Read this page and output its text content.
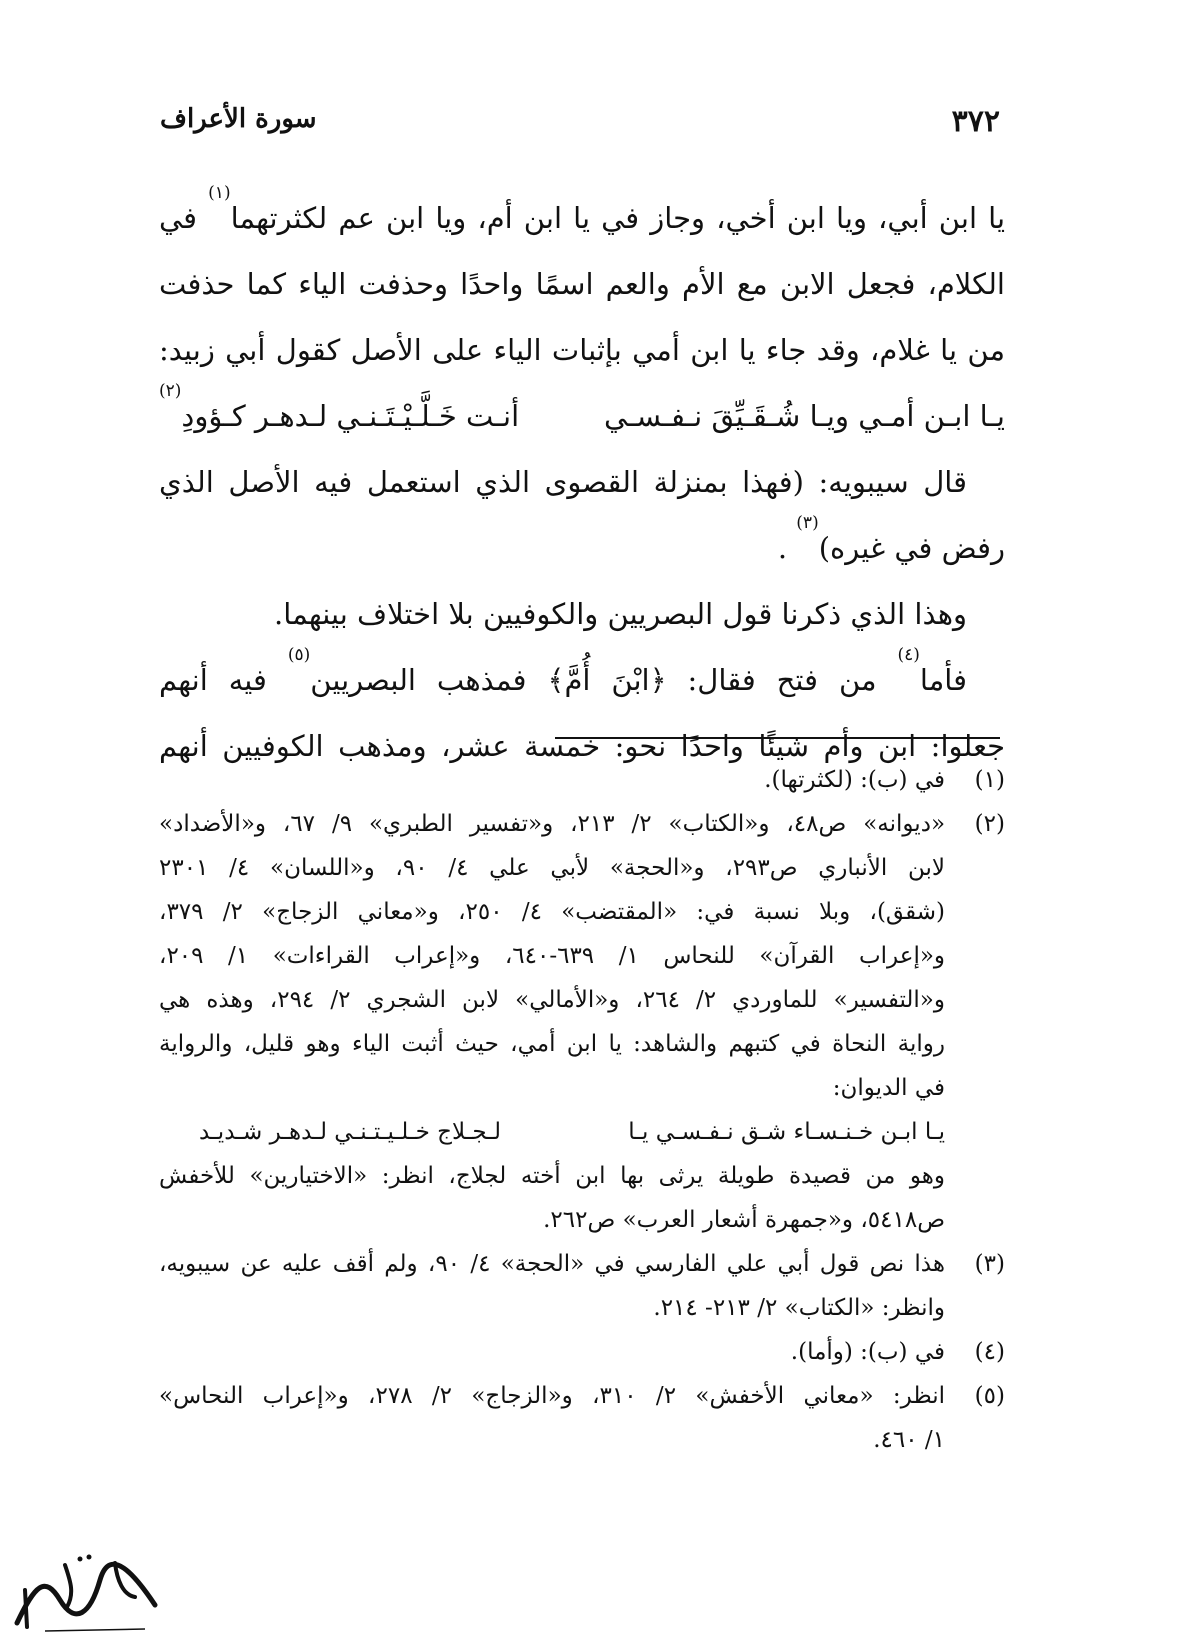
٣٧٢
سورة الأعراف
يا ابن أبي، ويا ابن أخي، وجاز في يا ابن أم، ويا ابن عم لكثرتهما$^{(١)}$ في
الكلام، فجعل الابن مع الأم والعم اسمًا واحدًا وحذفت الياء كما حذفت
من يا غلام، وقد جاء يا ابن أمي بإثبات الياء على الأصل كقول أبي زبيد:
يـا ابـن أمـي ويـا شُـقَـيِّقَ نـفـسـي
أنـت خَـلَّـيْـتَـنـي لـدهـر كـؤودِ$^{(٢)}$
قال سيبويه: (فهذا بمنزلة القصوى الذي استعمل فيه الأصل الذي
رفض في غيره)$^{(٣)}$ .
وهذا الذي ذكرنا قول البصريين والكوفيين بلا اختلاف بينهما.
فأما$^{(٤)}$ من فتح فقال: ﴿ابْنَ أُمَّ﴾ فمذهب البصريين$^{(٥)}$ فيه أنهم
جعلوا: ابن وأم شيئًا واحدًا نحو: خمسة عشر، ومذهب الكوفيين أنهم
(١)
في (ب): (لكثرتها).
(٢)
«ديوانه» ص٤٨، و«الكتاب» ٢/ ٢١٣، و«تفسير الطبري» ٩/ ٦٧، و«الأضداد»
لابن الأنباري ص٢٩٣، و«الحجة» لأبي علي ٤/ ٩٠، و«اللسان» ٤/ ٢٣٠١
(شقق)، وبلا نسبة في: «المقتضب» ٤/ ٢٥٠، و«معاني الزجاج» ٢/ ٣٧٩،
و«إعراب القرآن» للنحاس ١/ ٦٣٩-٦٤٠، و«إعراب القراءات» ١/ ٢٠٩،
و«التفسير» للماوردي ٢/ ٢٦٤، و«الأمالي» لابن الشجري ٢/ ٢٩٤، وهذه هي
رواية النحاة في كتبهم والشاهد: يا ابن أمي، حيث أثبت الياء وهو قليل، والرواية
في الديوان:
يـا ابـن خـنـسـاء شـق نـفـسـي يـا
لـجـلاج خـلـيـتـنـي لـدهـر شـديـد
وهو من قصيدة طويلة يرثى بها ابن أخته لجلاج، انظر: «الاختيارين» للأخفش
ص٥٤١٨، و«جمهرة أشعار العرب» ص٢٦٢.
(٣)
هذا نص قول أبي علي الفارسي في «الحجة» ٤/ ٩٠، ولم أقف عليه عن سيبويه،
وانظر: «الكتاب» ٢/ ٢١٣- ٢١٤.
(٤)
في (ب): (وأما).
(٥)
انظر: «معاني الأخفش» ٢/ ٣١٠، و«الزجاج» ٢/ ٢٧٨، و«إعراب النحاس»
١/ ٤٦٠.
